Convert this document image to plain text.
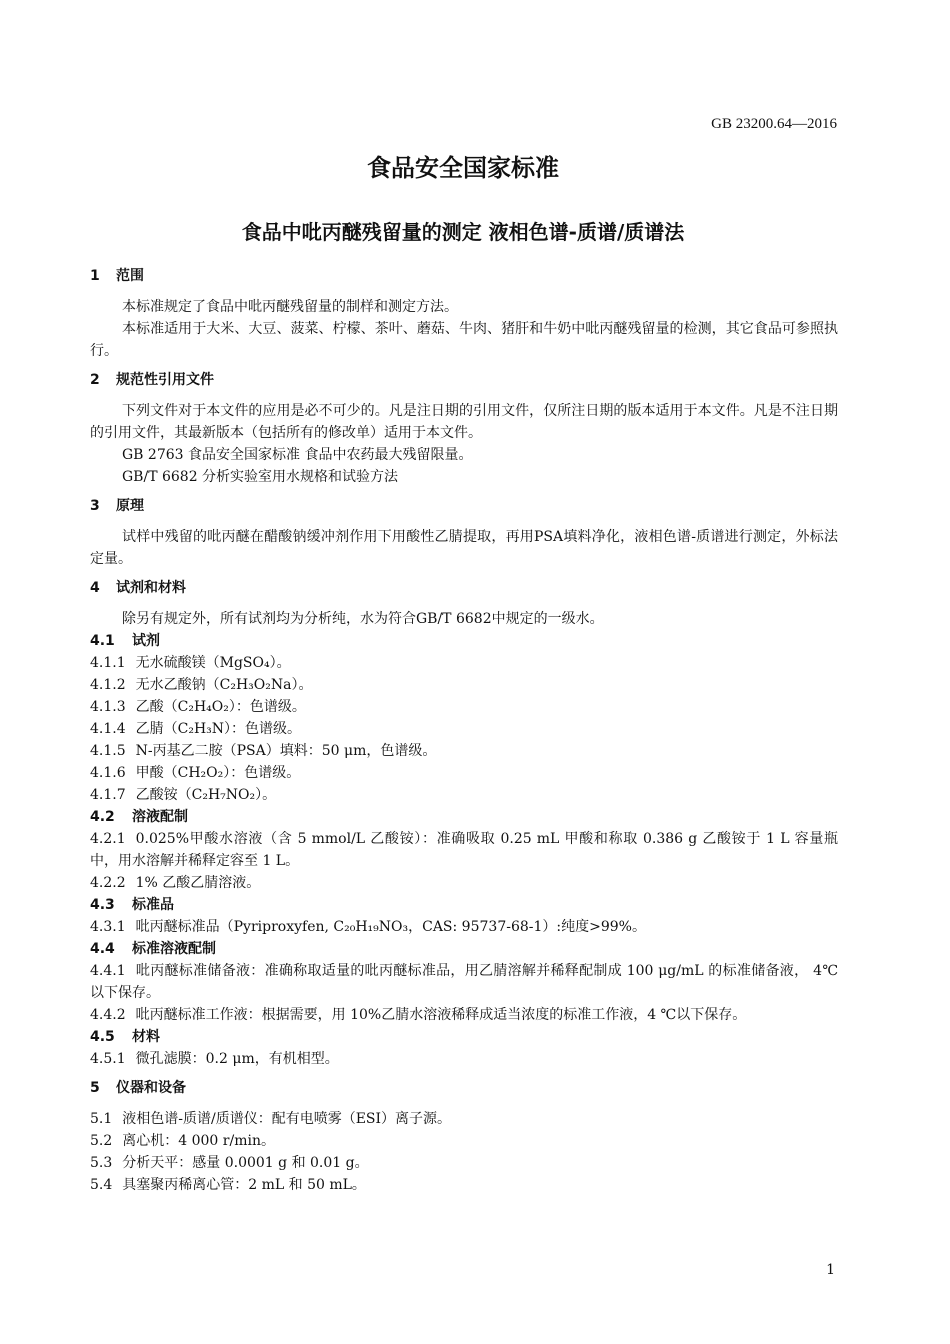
GB 23200.64—2016
食品安全国家标准
食品中吡丙醚残留量的测定 液相色谱-质谱/质谱法
1 范围

本标准规定了食品中吡丙醚残留量的制样和测定方法。

本标准适用于大米、大豆、菠菜、柠檬、茶叶、蘑菇、牛肉、猪肝和牛奶中吡丙醚残留量的检测，其它食品可参照执行。

2 规范性引用文件

下列文件对于本文件的应用是必不可少的。凡是注日期的引用文件，仅所注日期的版本适用于本文件。凡是不注日期的引用文件，其最新版本（包括所有的修改单）适用于本文件。

GB 2763 食品安全国家标准 食品中农药最大残留限量。

GB/T 6682 分析实验室用水规格和试验方法

3 原理

试样中残留的吡丙醚在醋酸钠缓冲剂作用下用酸性乙腈提取，再用PSA填料净化，液相色谱-质谱进行测定，外标法定量。

4 试剂和材料

除另有规定外，所有试剂均为分析纯，水为符合GB/T 6682中规定的一级水。

4.1 试剂

4.1.1 无水硫酸镁（MgSO₄）。

4.1.2 无水乙酸钠（C₂H₃O₂Na）。

4.1.3 乙酸（C₂H₄O₂）：色谱级。

4.1.4 乙腈（C₂H₃N）：色谱级。

4.1.5 N-丙基乙二胺（PSA）填料：50 μm，色谱级。

4.1.6 甲酸（CH₂O₂）：色谱级。

4.1.7 乙酸铵（C₂H₇NO₂）。

4.2 溶液配制

4.2.1 0.025%甲酸水溶液（含 5 mmol/L 乙酸铵）：准确吸取 0.25 mL 甲酸和称取 0.386 g 乙酸铵于 1 L 容量瓶中，用水溶解并稀释定容至 1 L。

4.2.2 1% 乙酸乙腈溶液。

4.3 标准品

4.3.1 吡丙醚标准品（Pyriproxyfen, C₂₀H₁₉NO₃，CAS: 95737-68-1）:纯度>99%。

4.4 标准溶液配制

4.4.1 吡丙醚标准储备液：准确称取适量的吡丙醚标准品，用乙腈溶解并稀释配制成 100 μg/mL 的标准储备液， 4℃以下保存。

4.4.2 吡丙醚标准工作液：根据需要，用 10%乙腈水溶液稀释成适当浓度的标准工作液，4 ℃以下保存。

4.5 材料

4.5.1 微孔滤膜：0.2 μm，有机相型。

5 仪器和设备

5.1 液相色谱-质谱/质谱仪：配有电喷雾（ESI）离子源。

5.2 离心机：4 000 r/min。

5.3 分析天平：感量 0.0001 g 和 0.01 g。

5.4 具塞聚丙稀离心管：2 mL 和 50 mL。

1
